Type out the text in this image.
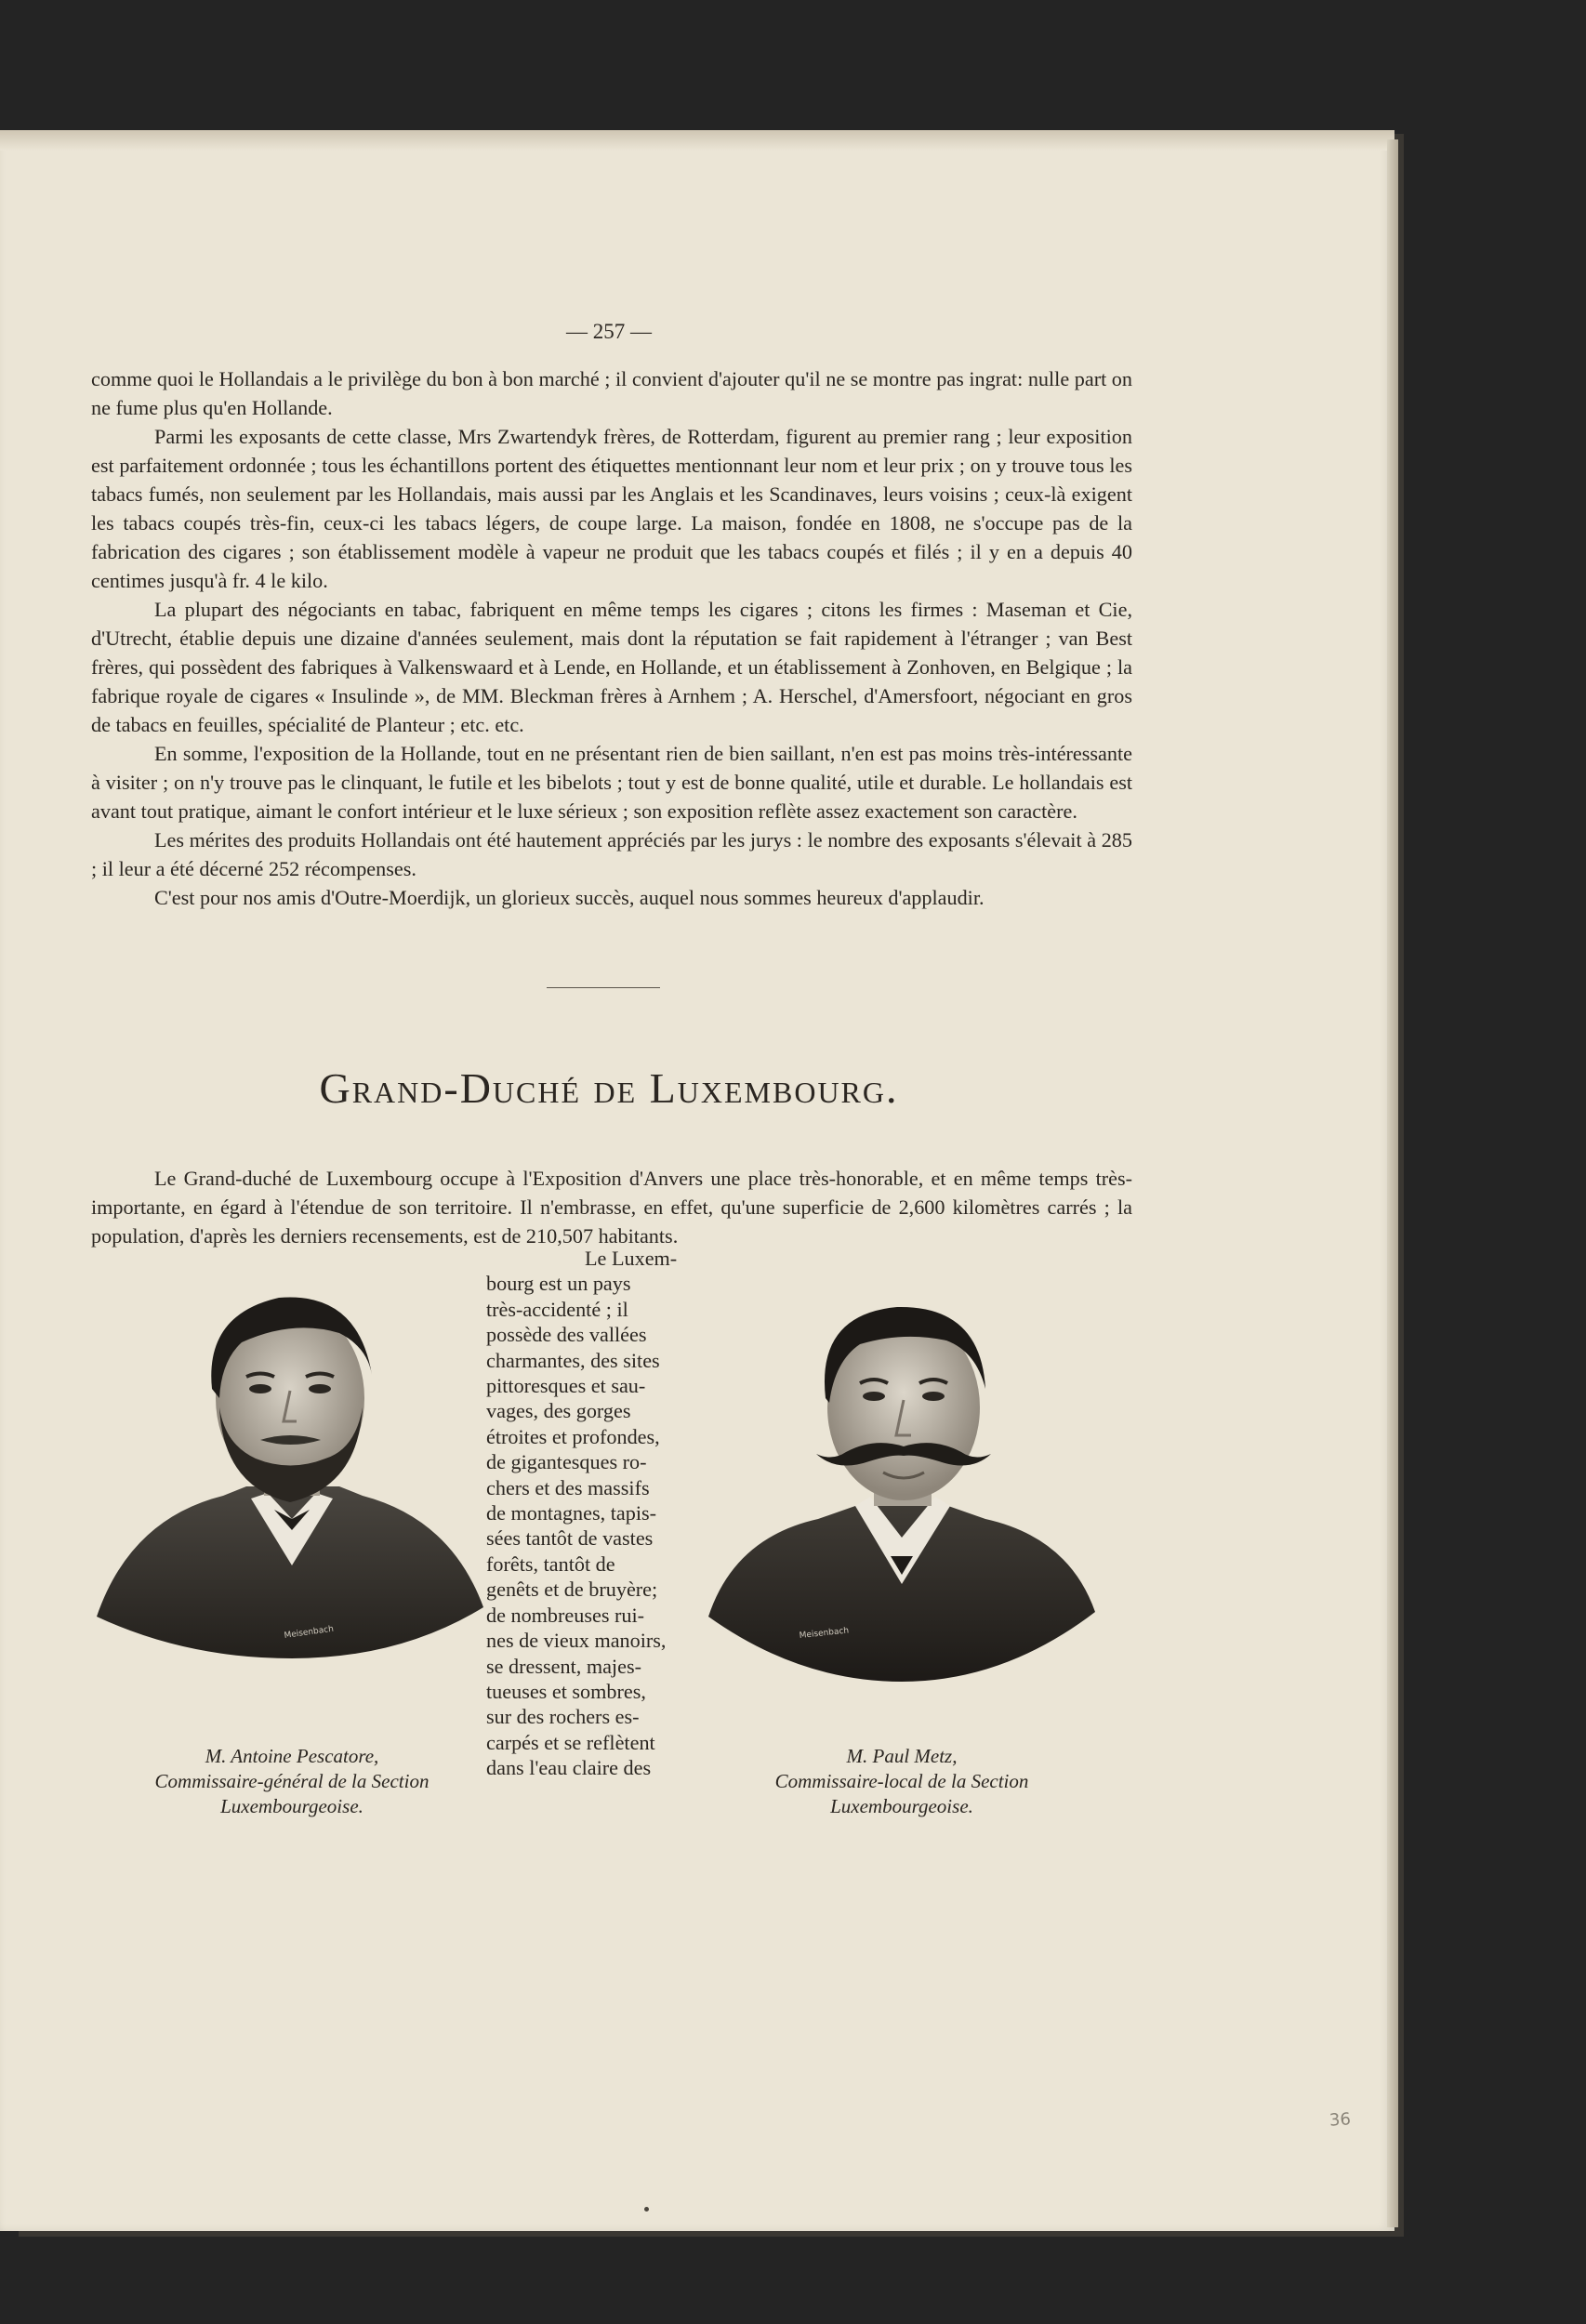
— 257 —

comme quoi le Hollandais a le privilège du bon à bon marché ; il convient d'ajouter qu'il ne se montre pas ingrat: nulle part on ne fume plus qu'en Hollande.

Parmi les exposants de cette classe, Mrs Zwartendyk frères, de Rotterdam, figurent au premier rang ; leur exposition est parfaitement ordonnée ; tous les échantillons portent des étiquettes mentionnant leur nom et leur prix ; on y trouve tous les tabacs fumés, non seulement par les Hollandais, mais aussi par les Anglais et les Scandinaves, leurs voisins ; ceux-là exigent les tabacs coupés très-fin, ceux-ci les tabacs légers, de coupe large. La maison, fondée en 1808, ne s'occupe pas de la fabrication des cigares ; son établissement modèle à vapeur ne produit que les tabacs coupés et filés ; il y en a depuis 40 centimes jusqu'à fr. 4 le kilo.

La plupart des négociants en tabac, fabriquent en même temps les cigares ; citons les firmes : Maseman et Cie, d'Utrecht, établie depuis une dizaine d'années seulement, mais dont la réputation se fait rapidement à l'étranger ; van Best frères, qui possèdent des fabriques à Valkenswaard et à Lende, en Hollande, et un établissement à Zonhoven, en Belgique ; la fabrique royale de cigares « Insulinde », de MM. Bleckman frères à Arnhem ; A. Herschel, d'Amersfoort, négociant en gros de tabacs en feuilles, spécialité de Planteur ; etc. etc.

En somme, l'exposition de la Hollande, tout en ne présentant rien de bien saillant, n'en est pas moins très-intéressante à visiter ; on n'y trouve pas le clinquant, le futile et les bibelots ; tout y est de bonne qualité, utile et durable. Le hollandais est avant tout pratique, aimant le confort intérieur et le luxe sérieux ; son exposition reflète assez exactement son caractère.

Les mérites des produits Hollandais ont été hautement appréciés par les jurys : le nombre des exposants s'élevait à 285 ; il leur a été décerné 252 récompenses.

C'est pour nos amis d'Outre-Moerdijk, un glorieux succès, auquel nous sommes heureux d'applaudir.

Grand-Duché de Luxembourg.

Le Grand-duché de Luxembourg occupe à l'Exposition d'Anvers une place très-honorable, et en même temps très-importante, en égard à l'étendue de son territoire. Il n'embrasse, en effet, qu'une superficie de 2,600 kilomètres carrés ; la population, d'après les derniers recensements, est de 210,507 habitants.

Meisenbach
M. Antoine Pescatore,
Commissaire-général de la Section
Luxembourgeoise.
Le Luxem-
bourg est un pays
très-accidenté ; il
possède des vallées
charmantes, des sites
pittoresques et sau-
vages, des gorges
étroites et profondes,
de gigantesques ro-
chers et des massifs
de montagnes, tapis-
sées tantôt de vastes
forêts, tantôt de
genêts et de bruyère;
de nombreuses rui-
nes de vieux manoirs,
se dressent, majes-
tueuses et sombres,
sur des rochers es-
carpés et se reflètent
dans l'eau claire des
Meisenbach
M. Paul Metz,
Commissaire-local de la Section
Luxembourgeoise.
36
